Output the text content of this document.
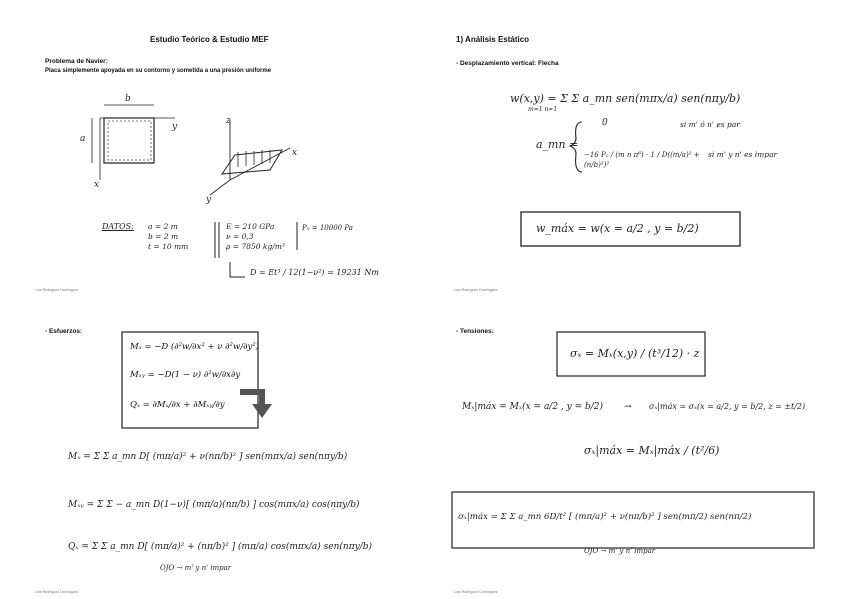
Estudio Teórico & Estudio MEF
Problema de Navier:
Placa simplemente apoyada en su contorno y sometida a una presión uniforme
b
a
y
x
z
x
y
DATOS: a = 2 m
b = 2 m
t = 10 mm
E = 210 GPa
ν = 0,3
ρ = 7850 kg/m³
P₀ = 10000 Pa
D = Et³ / 12(1−ν²) = 19231 Nm
Luis Rodríguez Domínguez
1) Análisis Estático
- Desplazamiento vertical: Flecha
w(x,y) = Σ Σ a_mn sen(mπx/a) sen(nπy/b)
m=1 n=1
a_mn =
0	si m' ó n' es par
−16 P₀ / (m n π⁶) · 1 / D((m/a)² + (n/b)²)²
si m' y n' es impar
w_máx = w(x = a/2 , y = b/2)
Luis Rodríguez Domínguez
- Esfuerzos:
Mₓ = −D (∂²w/∂x² + ν ∂²w/∂y²)
Mₓᵧ = −D(1 − ν) ∂²w/∂x∂y
Qₓ = ∂Mₓ/∂x + ∂Mₓᵧ/∂y
Mₓ = Σ Σ a_mn D[ (mπ/a)² + ν(nπ/b)² ] sen(mπx/a) sen(nπy/b)
Mₓᵧ = Σ Σ − a_mn D(1−ν)[ (mπ/a)(nπ/b) ] cos(mπx/a) cos(nπy/b)
Qₓ = Σ Σ a_mn D[ (mπ/a)² + (nπ/b)² ] (mπ/a) cos(mπx/a) sen(nπy/b)
OJO → m' y n' impar
Luis Rodríguez Domínguez
- Tensiones:
σₓ = Mₓ(x,y) / (t³/12) · z
Mₓ|máx = Mₓ(x = a/2 , y = b/2) → σₓ|máx = σₓ(x = a/2, y = b/2, z = ±t/2)
σₓ|máx = Mₓ|máx / (t²/6)
σₓ|máx = Σ Σ a_mn 6D/t² [ (mπ/a)² + ν(nπ/b)² ] sen(mπ/2) sen(nπ/2)
OJO → m' y n' impar
Luis Rodríguez Domínguez
